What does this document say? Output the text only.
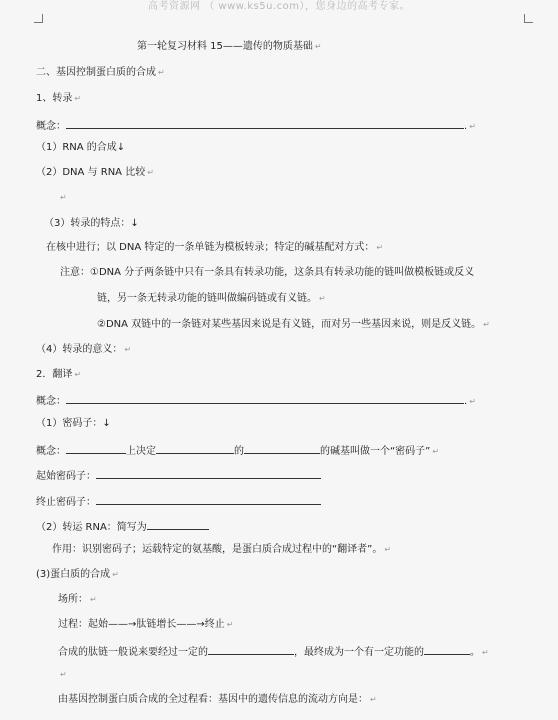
高考资源网 （ www.ks5u.com），您身边的高考专家。
第一轮复习材料 15——遗传的物质基础 ↵
二、基因控制蛋白质的合成 ↵
1、转录 ↵
概念：	. ↵
（1）RNA 的合成↓
（2）DNA 与 RNA 比较 ↵
↵
（3）转录的特点：↓
在核中进行；以 DNA 特定的一条单链为模板转录；特定的碱基配对方式： ↵
注意：①DNA 分子两条链中只有一条具有转录功能，这条具有转录功能的链叫做模板链或反义
链，另一条无转录功能的链叫做编码链或有义链。 ↵
②DNA 双链中的一条链对某些基因来说是有义链，而对另一些基因来说，则是反义链。 ↵
（4）转录的意义： ↵
2．翻译 ↵
概念：	. ↵
（1）密码子：↓
概念：	上决定	的	的碱基叫做一个“密码子” ↵
起始密码子：
终止密码子：
（2）转运 RNA：简写为
作用：识别密码子；运载特定的氨基酸，是蛋白质合成过程中的“翻译者”。 ↵
(3)蛋白质的合成 ↵
场所： ↵
过程：起始——→肽链增长——→终止 ↵
合成的肽链一般说来要经过一定的	，最终成为一个有一定功能的	。 ↵
↵
由基因控制蛋白质合成的全过程看：基因中的遗传信息的流动方向是： ↵
